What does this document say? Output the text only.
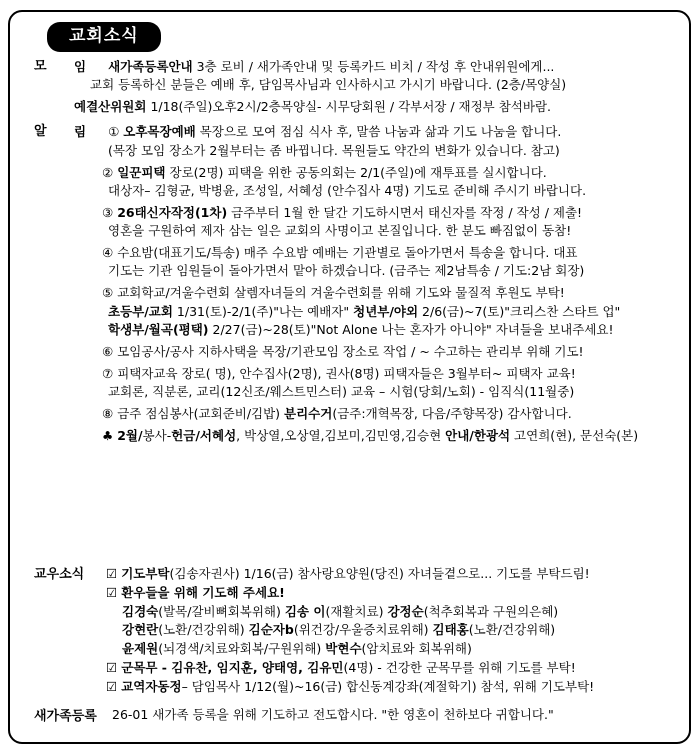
교회소식
모	임 새가족등록안내 3층 로비 / 새가족안내 및 등록카드 비치 / 작성 후 안내위원에게...
교회 등록하신 분들은 예배 후, 담임목사님과 인사하시고 가시기 바랍니다. (2층/목양실)
예결산위원회 1/18(주일)오후2시/2층목양실- 시무당회원 / 각부서장 / 재정부 참석바람.
알	림 ① 오후목장예배 목장으로 모여 점심 식사 후, 말씀 나눔과 삶과 기도 나눔을 합니다.
(목장 모임 장소가 2월부터는 좀 바뀝니다. 목원들도 약간의 변화가 있습니다. 참고)
② 일꾼피택 장로(2명) 피택을 위한 공동의회는 2/1(주일)에 재투표를 실시합니다.
대상자– 김형균, 박병윤, 조성일, 서혜성 (안수집사 4명) 기도로 준비해 주시기 바랍니다.
③ 26태신자작정(1차) 금주부터 1월 한 달간 기도하시면서 태신자를 작정 / 작성 / 제출!
영혼을 구원하여 제자 삼는 일은 교회의 사명이고 본질입니다. 한 분도 빠짐없이 동참!
④ 수요밤(대표기도/특송) 매주 수요밤 예배는 기관별로 돌아가면서 특송을 합니다. 대표
기도는 기관 임원들이 돌아가면서 맡아 하겠습니다. (금주는 제2남특송 / 기도:2남 회장)
⑤ 교회학교/겨울수련회 살렘자녀들의 겨울수련회를 위해 기도와 물질적 후원도 부탁!
초등부/교회 1/31(토)-2/1(주)"나는 예배자" 청년부/야외 2/6(금)~7(토)"크리스찬 스타트 업"
학생부/월곡(평택) 2/27(금)~28(토)"Not Alone 나는 혼자가 아니야" 자녀들을 보내주세요!
⑥ 모임공사/공사 지하사택을 목장/기관모임 장소로 작업 / ~ 수고하는 관리부 위해 기도!
⑦ 피택자교육 장로( 명), 안수집사(2명), 권사(8명) 피택자들은 3월부터~ 피택자 교육!
교회론, 직분론, 교리(12신조/웨스트민스터) 교육 – 시험(당회/노회) - 임직식(11월중)
⑧ 금주 점심봉사(교회준비/김밥) 분리수거(금주:개혁목장, 다음/주향목장) 감사합니다.
♣ 2월/봉사-헌금/서혜성, 박상열,오상열,김보미,김민영,김승현 안내/한광석 고연희(현), 문선숙(본)
교우소식	☑ 기도부탁(김송자권사) 1/16(금) 참사랑요양원(당진) 자녀들곁으로... 기도를 부탁드림!
☑ 환우들을 위해 기도해 주세요!
김경숙(발목/갈비뼈회복위해) 김송 이(재활치료) 강정순(척추회복과 구원의은혜)
강현란(노환/건강위해) 김순자b(위건강/우울증치료위해) 김태홍(노환/건강위해)
윤제원(뇌경색/치료와회복/구원위해) 박현수(암치료와 회복위해)
☑ 군목무 - 김유찬, 임지훈, 양태영, 김유민(4명) - 건강한 군목무를 위해 기도를 부탁!
☑ 교역자동정– 담임목사 1/12(월)~16(금) 합신동계강좌(계절학기) 참석, 위해 기도부탁!
새가족등록	26-01 새가족 등록을 위해 기도하고 전도합시다. "한 영혼이 천하보다 귀합니다."
